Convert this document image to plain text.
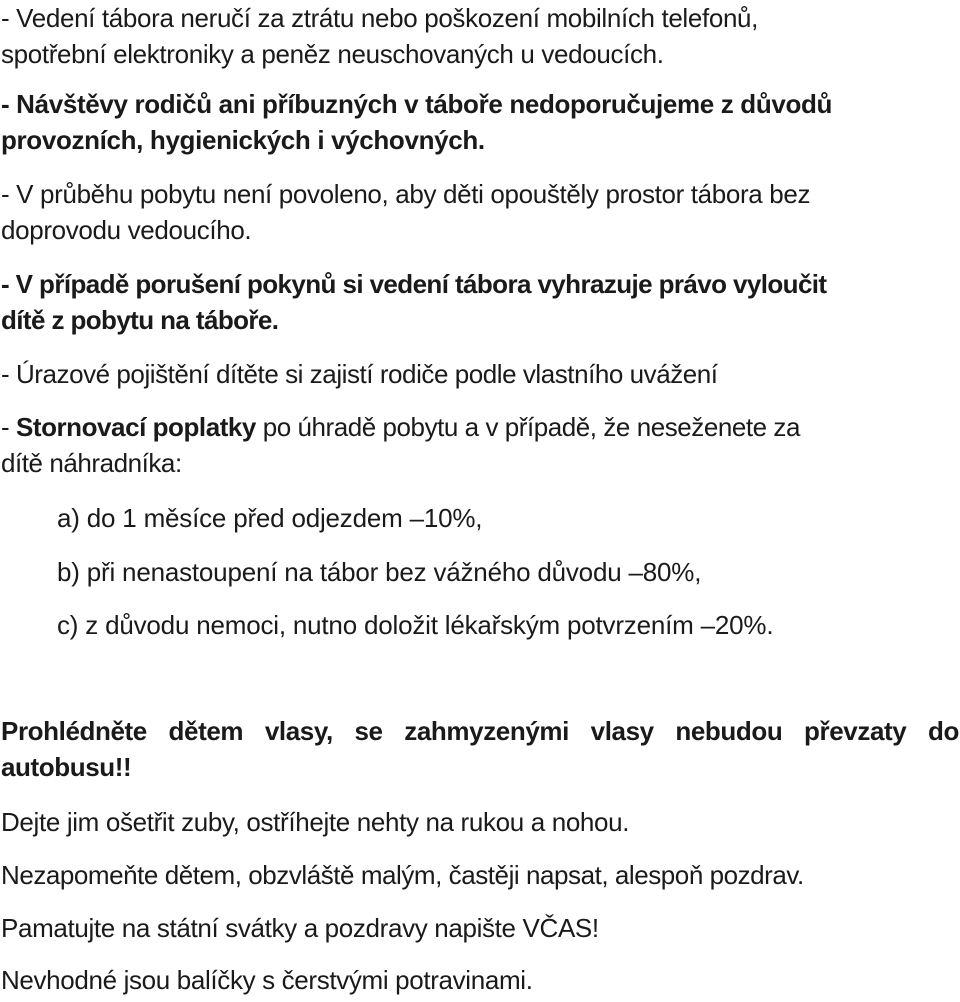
- Vedení tábora neručí za ztrátu nebo poškození mobilních telefonů,
spotřební elektroniky a peněz neuschovaných u vedoucích.

- Návštěvy rodičů ani příbuzných v táboře nedoporučujeme z důvodů
provozních, hygienických i výchovných.

- V průběhu pobytu není povoleno, aby děti opouštěly prostor tábora bez
doprovodu vedoucího.

- V případě porušení pokynů si vedení tábora vyhrazuje právo vyloučit
dítě z pobytu na táboře.

- Úrazové pojištění dítěte si zajistí rodiče podle vlastního uvážení

- Stornovací poplatky po úhradě pobytu a v případě, že neseženete za
dítě náhradníka:

a) do 1 měsíce před odjezdem –10%,

b) při nenastoupení na tábor bez vážného důvodu –80%,

c) z důvodu nemoci, nutno doložit lékařským potvrzením –20%.

Prohlédněte dětem vlasy, se zahmyzenými vlasy nebudou převzaty do
autobusu!!

Dejte jim ošetřit zuby, ostříhejte nehty na rukou a nohou.

Nezapomeňte dětem, obzvláště malým, častěji napsat, alespoň pozdrav.

Pamatujte na státní svátky a pozdravy napište VČAS!

Nevhodné jsou balíčky s čerstvými potravinami.
